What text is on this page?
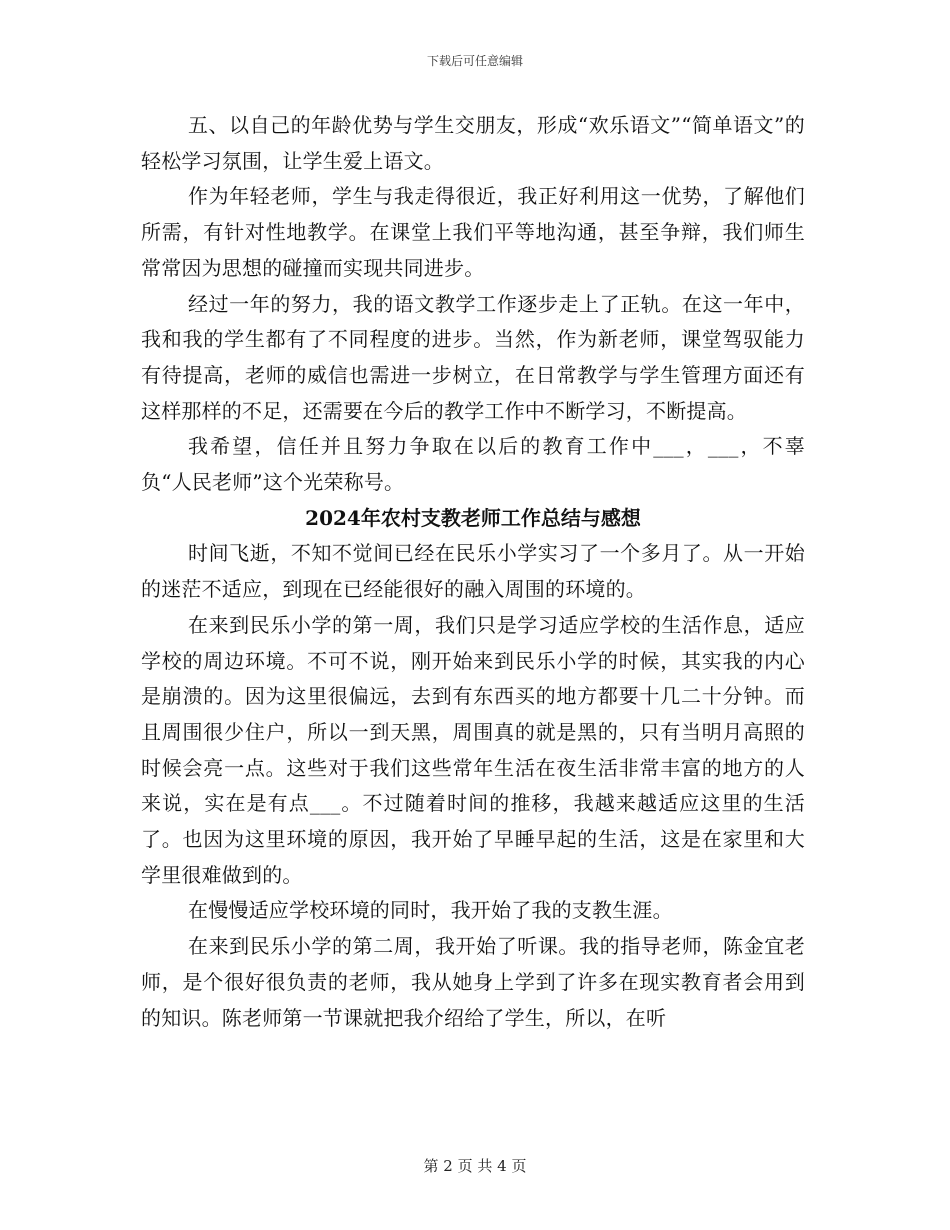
下载后可任意编辑

五、以自己的年龄优势与学生交朋友，形成“欢乐语文”“简单语文”的轻松学习氛围，让学生爱上语文。

作为年轻老师，学生与我走得很近，我正好利用这一优势，了解他们所需，有针对性地教学。在课堂上我们平等地沟通，甚至争辩，我们师生常常因为思想的碰撞而实现共同进步。

经过一年的努力，我的语文教学工作逐步走上了正轨。在这一年中，我和我的学生都有了不同程度的进步。当然，作为新老师，课堂驾驭能力有待提高，老师的威信也需进一步树立，在日常教学与学生管理方面还有这样那样的不足，还需要在今后的教学工作中不断学习，不断提高。

我希望，信任并且努力争取在以后的教育工作中___，___，不辜负“人民老师”这个光荣称号。

2024年农村支教老师工作总结与感想

时间飞逝，不知不觉间已经在民乐小学实习了一个多月了。从一开始的迷茫不适应，到现在已经能很好的融入周围的环境的。

在来到民乐小学的第一周，我们只是学习适应学校的生活作息，适应学校的周边环境。不可不说，刚开始来到民乐小学的时候，其实我的内心是崩溃的。因为这里很偏远，去到有东西买的地方都要十几二十分钟。而且周围很少住户，所以一到天黑，周围真的就是黑的，只有当明月高照的时候会亮一点。这些对于我们这些常年生活在夜生活非常丰富的地方的人来说，实在是有点___。不过随着时间的推移，我越来越适应这里的生活了。也因为这里环境的原因，我开始了早睡早起的生活，这是在家里和大学里很难做到的。

在慢慢适应学校环境的同时，我开始了我的支教生涯。

在来到民乐小学的第二周，我开始了听课。我的指导老师，陈金宜老师，是个很好很负责的老师，我从她身上学到了许多在现实教育者会用到的知识。陈老师第一节课就把我介绍给了学生，所以，在听

第 2 页 共 4 页
